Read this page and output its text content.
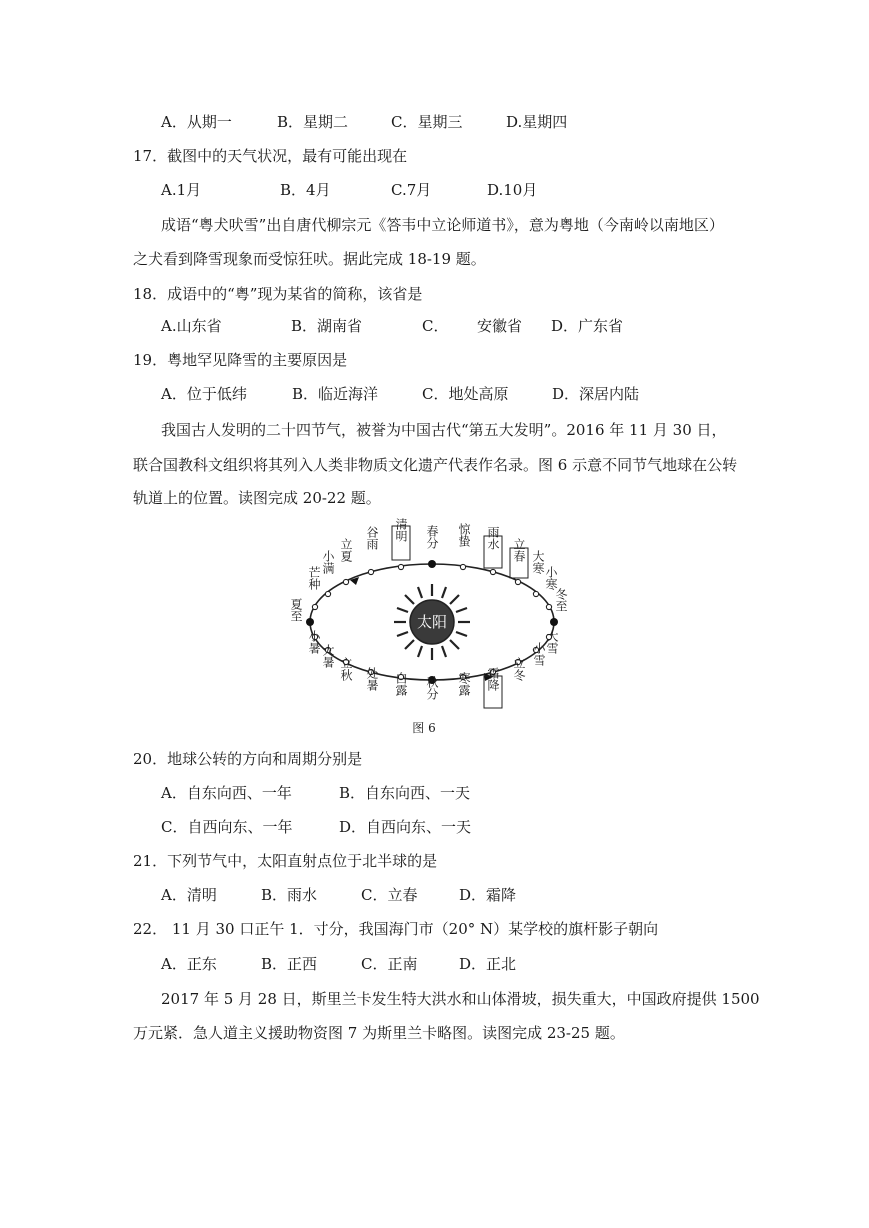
A．从期一	B．星期二	C．星期三	D.星期四
17．截图中的天气状况，最有可能出现在
A.1月	B．4月	C.7月	D.10月
成语“粤犬吠雪”出自唐代柳宗元《答韦中立论师道书》，意为粤地（今南岭以南地区）
之犬看到降雪现象而受惊狂吠。据此完成 18-19 题。
18．成语中的“粤”现为某省的简称，该省是
A.山东省	B．湖南省	C． 安徽省 D．广东省
19．粤地罕见降雪的主要原因是
A．位于低纬	B．临近海洋	C．地处高原	D．深居内陆
我国古人发明的二十四节气，被誉为中国古代“第五大发明”。2016 年 11 月 30 日，
联合国教科文组织将其列入人类非物质文化遗产代表作名录。图 6 示意不同节气地球在公转
轨道上的位置。读图完成 20-22 题。
太阳
春分 惊蛰 雨水 立春 大寒
小寒
冬至
大雪
小雪
立冬
霜降
寒露
秋分
白露
处暑
立秋
大暑
小暑
夏至
芒种
小满 立夏 谷雨 清明
图 6
20．地球公转的方向和周期分别是
A．自东向西、一年	B．自东向西、一天
C．自西向东、一年	D．自西向东、一天
21．下列节气中，太阳直射点位于北半球的是
A．清明	B．雨水	C．立春	D．霜降
22． 11 月 30 口正午 1．寸分，我国海门市（20° N）某学校的旗杆影子朝向
A．正东	B．正西	C．正南	D．正北
2017 年 5 月 28 日，斯里兰卡发生特大洪水和山体滑坡，损失重大，中国政府提供 1500
万元紧．急人道主义援助物资图 7 为斯里兰卡略图。读图完成 23-25 题。
